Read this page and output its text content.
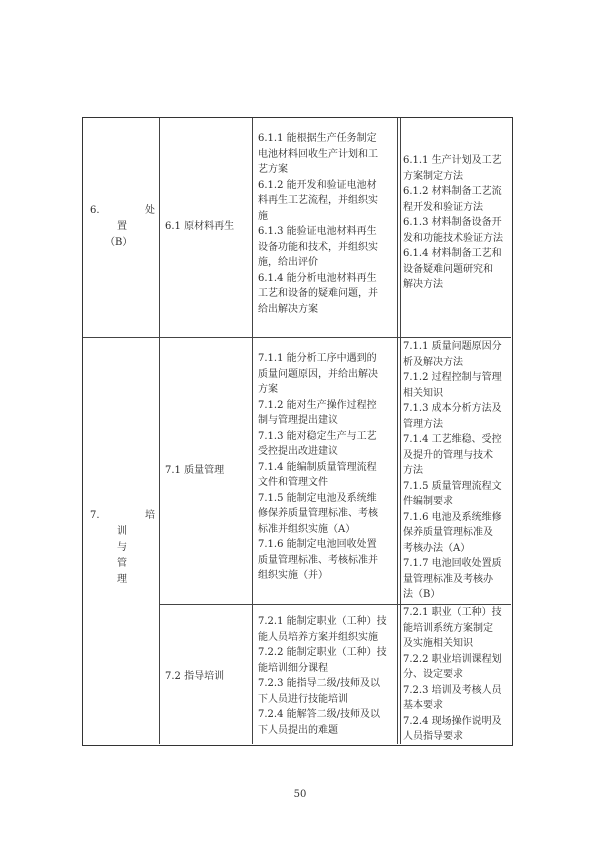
6.	处
置
（B）
6.1 原材料再生
6.1.1 能根据生产任务制定
电池材料回收生产计划和工
艺方案
6.1.2 能开发和验证电池材
料再生工艺流程，并组织实
施
6.1.3 能验证电池材料再生
设备功能和技术，并组织实
施，给出评价
6.1.4 能分析电池材料再生
工艺和设备的疑难问题，并
给出解决方案
6.1.1 生产计划及工艺
方案制定方法
6.1.2 材料制备工艺流
程开发和验证方法
6.1.3 材料制备设备开
发和功能技术验证方法
6.1.4 材料制备工艺和
设备疑难问题研究和
解决方法
7.	培
训
与
管
理
7.1 质量管理
7.1.1 能分析工序中遇到的
质量问题原因，并给出解决
方案
7.1.2 能对生产操作过程控
制与管理提出建议
7.1.3 能对稳定生产与工艺
受控提出改进建议
7.1.4 能编制质量管理流程
文件和管理文件
7.1.5 能制定电池及系统维
修保养质量管理标准、考核
标准并组织实施（A）
7.1.6 能制定电池回收处置
质量管理标准、考核标准并
组织实施（并）
7.1.1 质量问题原因分
析及解决方法
7.1.2 过程控制与管理
相关知识
7.1.3 成本分析方法及
管理方法
7.1.4 工艺维稳、受控
及提升的管理与技术
方法
7.1.5 质量管理流程文
件编制要求
7.1.6 电池及系统维修
保养质量管理标准及
考核办法（A）
7.1.7 电池回收处置质
量管理标准及考核办
法（B）
7.2 指导培训
7.2.1 能制定职业（工种）技
能人员培养方案并组织实施
7.2.2 能制定职业（工种）技
能培训细分课程
7.2.3 能指导二级/技师及以
下人员进行技能培训
7.2.4 能解答二级/技师及以
下人员提出的难题
7.2.1 职业（工种）技
能培训系统方案制定
及实施相关知识
7.2.2 职业培训课程划
分、设定要求
7.2.3 培训及考核人员
基本要求
7.2.4 现场操作说明及
人员指导要求
50
